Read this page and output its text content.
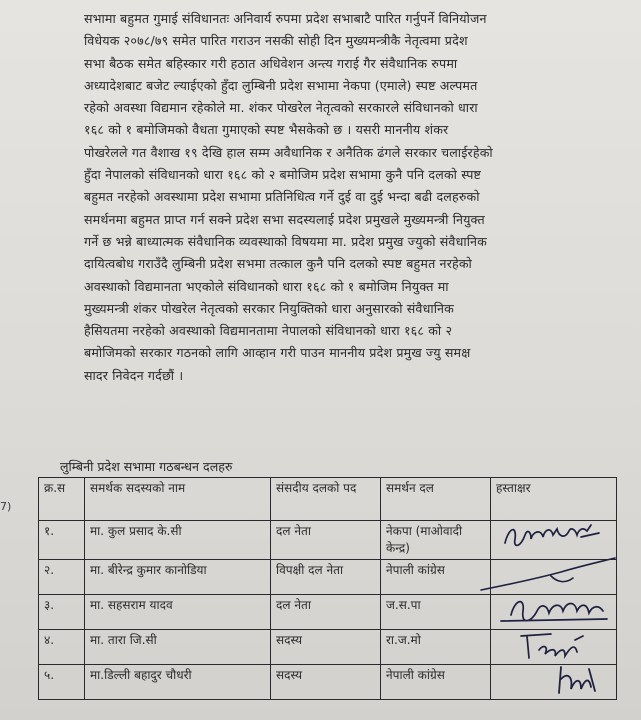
सभामा बहुमत गुमाई संविधानतः अनिवार्य रुपमा प्रदेश सभाबाटै पारित गर्नुपर्ने विनियोजन
विधेयक २०७८/७९ समेत पारित गराउन नसकी सोही दिन मुख्यमन्त्रीकै नेतृत्वमा प्रदेश
सभा बैठक समेत बहिस्कार गरी हठात अधिवेशन अन्त्य गराई गैर संवैधानिक रुपमा
अध्यादेशबाट बजेट ल्याईएको हुँदा लुम्बिनी प्रदेश सभामा नेकपा (एमाले) स्पष्ट अल्पमत
रहेको अवस्था विद्यमान रहेकोले मा. शंकर पोखरेल नेतृत्वको सरकारले संविधानको धारा
१६८ को १ बमोजिमको वैधता गुमाएको स्पष्ट भैसकेको छ । यसरी माननीय शंकर
पोखरेलले गत वैशाख १९ देखि हाल सम्म अवैधानिक र अनैतिक ढंगले सरकार चलाईरहेको
हुँदा नेपालको संविधानको धारा १६८ को २ बमोजिम प्रदेश सभामा कुनै पनि दलको स्पष्ट
बहुमत नरहेको अवस्थामा प्रदेश सभामा प्रतिनिधित्व गर्ने दुई वा दुई भन्दा बढी दलहरुको
समर्थनमा बहुमत प्राप्त गर्न सक्ने प्रदेश सभा सदस्यलाई प्रदेश प्रमुखले मुख्यमन्त्री नियुक्त
गर्ने छ भन्ने बाध्यात्मक संवैधानिक व्यवस्थाको विषयमा मा. प्रदेश प्रमुख ज्युको संवैधानिक
दायित्वबोध गराउँदै लुम्बिनी प्रदेश सभमा तत्काल कुनै पनि दलको स्पष्ट बहुमत नरहेको
अवस्थाको विद्यमानता भएकोले संविधानको धारा १६८ को १ बमोजिम नियुक्त मा
मुख्यमन्त्री शंकर पोखरेल नेतृत्वको सरकार नियुक्तिको धारा अनुसारको संवैधानिक
हैसियतमा नरहेको अवस्थाको विद्यमानतामा नेपालको संविधानको धारा १६८ को २
बमोजिमको सरकार गठनको लागि आव्हान गरी पाउन माननीय प्रदेश प्रमुख ज्यु समक्ष
सादर निवेदन गर्दछौं ।
लुम्बिनी प्रदेश सभामा गठबन्धन दलहरु
7)
क्र.स	समर्थक सदस्यको नाम	संसदीय दलको पद	समर्थन दल	हस्ताक्षर
१.	मा. कुल प्रसाद के.सी	दल नेता	नेकपा (माओवादी केन्द्र)	

२.	मा. बीरेन्द्र कुमार कानोडिया	विपक्षी दल नेता	नेपाली कांग्रेस	

३.	मा. सहसराम यादव	दल नेता	ज.स.पा	

४.	मा. तारा जि.सी	सदस्य	रा.ज.मो	

५.	मा.डिल्ली बहादुर चौधरी	सदस्य	नेपाली कांग्रेस	
